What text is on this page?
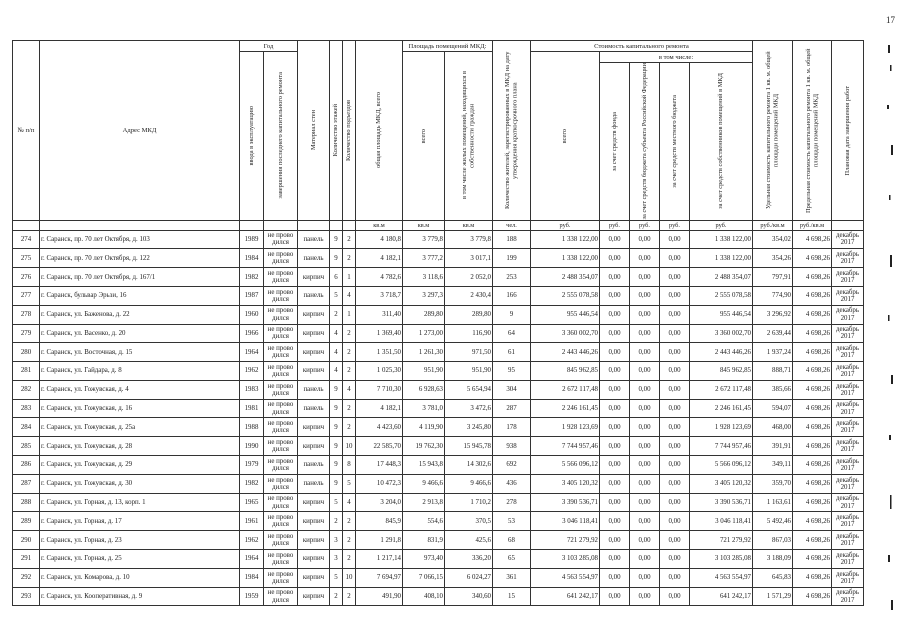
17
№ п/п	Адрес МКД	Год		Материал стен	Количество этажей	Количество подъездов	общая площадь МКД, всего	Площадь помещений МКД:		Количество жителей, зарегистрированных в МКД на дату утверждения краткосрочного плана	Стоимость капитального ремонта					Удельная стоимость капитального ремонта 1 кв. м. общей площади помещений МКД	Предельная стоимость капитального ремонта 1 кв. м. общей площади помещений МКД	Плановая дата завершения работ

		ввода в эксплуатацию	завершения последнего капитального ремонта					всего	в том числе жилых помещений, находящихся в собственности граждан		всего	в том числе:						

												за счет средств фонда	за счет средств бюджета субъекта Российской Федерации	за счет средств местного бюджета	за счет средств собственников помещений в МКД			

							кв.м	кв.м	кв.м	чел.	руб.	руб.	руб.	руб.	руб.	руб./кв.м	руб./кв.м	
274	г. Саранск, пр. 70 лет Октября, д. 103	1989	не прово дился	панель	9	2	4 180,8	3 779,8	3 779,8	188	1 338 122,00	0,00	0,00	0,00	1 338 122,00	354,02	4 698,26	декабрь 2017
275	г. Саранск, пр. 70 лет Октября, д. 122	1984	не прово дился	панель	9	2	4 182,1	3 777,2	3 017,1	199	1 338 122,00	0,00	0,00	0,00	1 338 122,00	354,26	4 698,26	декабрь 2017
276	г. Саранск, пр. 70 лет Октября, д. 167/1	1982	не прово дился	кирпич	6	1	4 782,6	3 118,6	2 052,0	253	2 488 354,07	0,00	0,00	0,00	2 488 354,07	797,91	4 698,26	декабрь 2017
277	г. Саранск, бульвар Эрьзи, 16	1987	не прово дился	панель	5	4	3 718,7	3 297,3	2 430,4	166	2 555 078,58	0,00	0,00	0,00	2 555 078,58	774,90	4 698,26	декабрь 2017
278	г. Саранск, ул. Баженова, д. 22	1960	не прово дился	кирпич	2	1	311,40	289,80	289,80	9	955 446,54	0,00	0,00	0,00	955 446,54	3 296,92	4 698,26	декабрь 2017
279	г. Саранск, ул. Васенко, д. 20	1966	не прово дился	кирпич	4	2	1 369,40	1 273,00	116,90	64	3 360 002,70	0,00	0,00	0,00	3 360 002,70	2 639,44	4 698,26	декабрь 2017
280	г. Саранск, ул. Восточная, д. 15	1964	не прово дился	кирпич	4	2	1 351,50	1 261,30	971,50	61	2 443 446,26	0,00	0,00	0,00	2 443 446,26	1 937,24	4 698,26	декабрь 2017
281	г. Саранск, ул. Гайдара, д. 8	1962	не прово дился	кирпич	4	2	1 025,30	951,90	951,90	95	845 962,85	0,00	0,00	0,00	845 962,85	888,71	4 698,26	декабрь 2017
282	г. Саранск, ул. Гожувская, д. 4	1983	не прово дился	панель	9	4	7 710,30	6 928,63	5 654,94	304	2 672 117,48	0,00	0,00	0,00	2 672 117,48	385,66	4 698,26	декабрь 2017
283	г. Саранск, ул. Гожувская, д. 16	1981	не прово дился	панель	9	2	4 182,1	3 781,0	3 472,6	287	2 246 161,45	0,00	0,00	0,00	2 246 161,45	594,07	4 698,26	декабрь 2017
284	г. Саранск, ул. Гожувская, д. 25а	1988	не прово дился	кирпич	9	2	4 423,60	4 119,90	3 245,80	178	1 928 123,69	0,00	0,00	0,00	1 928 123,69	468,00	4 698,26	декабрь 2017
285	г. Саранск, ул. Гожувская, д. 28	1990	не прово дился	кирпич	9	10	22 585,70	19 762,30	15 945,78	938	7 744 957,46	0,00	0,00	0,00	7 744 957,46	391,91	4 698,26	декабрь 2017
286	г. Саранск, ул. Гожувская, д. 29	1979	не прово дился	панель	9	8	17 448,3	15 943,8	14 302,6	692	5 566 096,12	0,00	0,00	0,00	5 566 096,12	349,11	4 698,26	декабрь 2017
287	г. Саранск, ул. Гожувская, д. 30	1982	не прово дился	панель	9	5	10 472,3	9 466,6	9 466,6	436	3 405 120,32	0,00	0,00	0,00	3 405 120,32	359,70	4 698,26	декабрь 2017
288	г. Саранск, ул. Горная, д. 13, корп. 1	1965	не прово дился	кирпич	5	4	3 204,0	2 913,8	1 710,2	278	3 390 536,71	0,00	0,00	0,00	3 390 536,71	1 163,61	4 698,26	декабрь 2017
289	г. Саранск, ул. Горная, д. 17	1961	не прово дился	кирпич	2	2	845,9	554,6	370,5	53	3 046 118,41	0,00	0,00	0,00	3 046 118,41	5 492,46	4 698,26	декабрь 2017
290	г. Саранск, ул. Горная, д. 23	1962	не прово дился	кирпич	3	2	1 291,8	831,9	425,6	68	721 279,92	0,00	0,00	0,00	721 279,92	867,03	4 698,26	декабрь 2017
291	г. Саранск, ул. Горная, д. 25	1964	не прово дился	кирпич	3	2	1 217,14	973,40	336,20	65	3 103 285,08	0,00	0,00	0,00	3 103 285,08	3 188,09	4 698,26	декабрь 2017
292	г. Саранск, ул. Комарова, д. 10	1984	не прово дился	кирпич	5	10	7 694,97	7 066,15	6 024,27	361	4 563 554,97	0,00	0,00	0,00	4 563 554,97	645,83	4 698,26	декабрь 2017
293	г. Саранск, ул. Кооперативная, д. 9	1959	не прово дился	кирпич	2	2	491,90	408,10	340,60	15	641 242,17	0,00	0,00	0,00	641 242,17	1 571,29	4 698,26	декабрь 2017
